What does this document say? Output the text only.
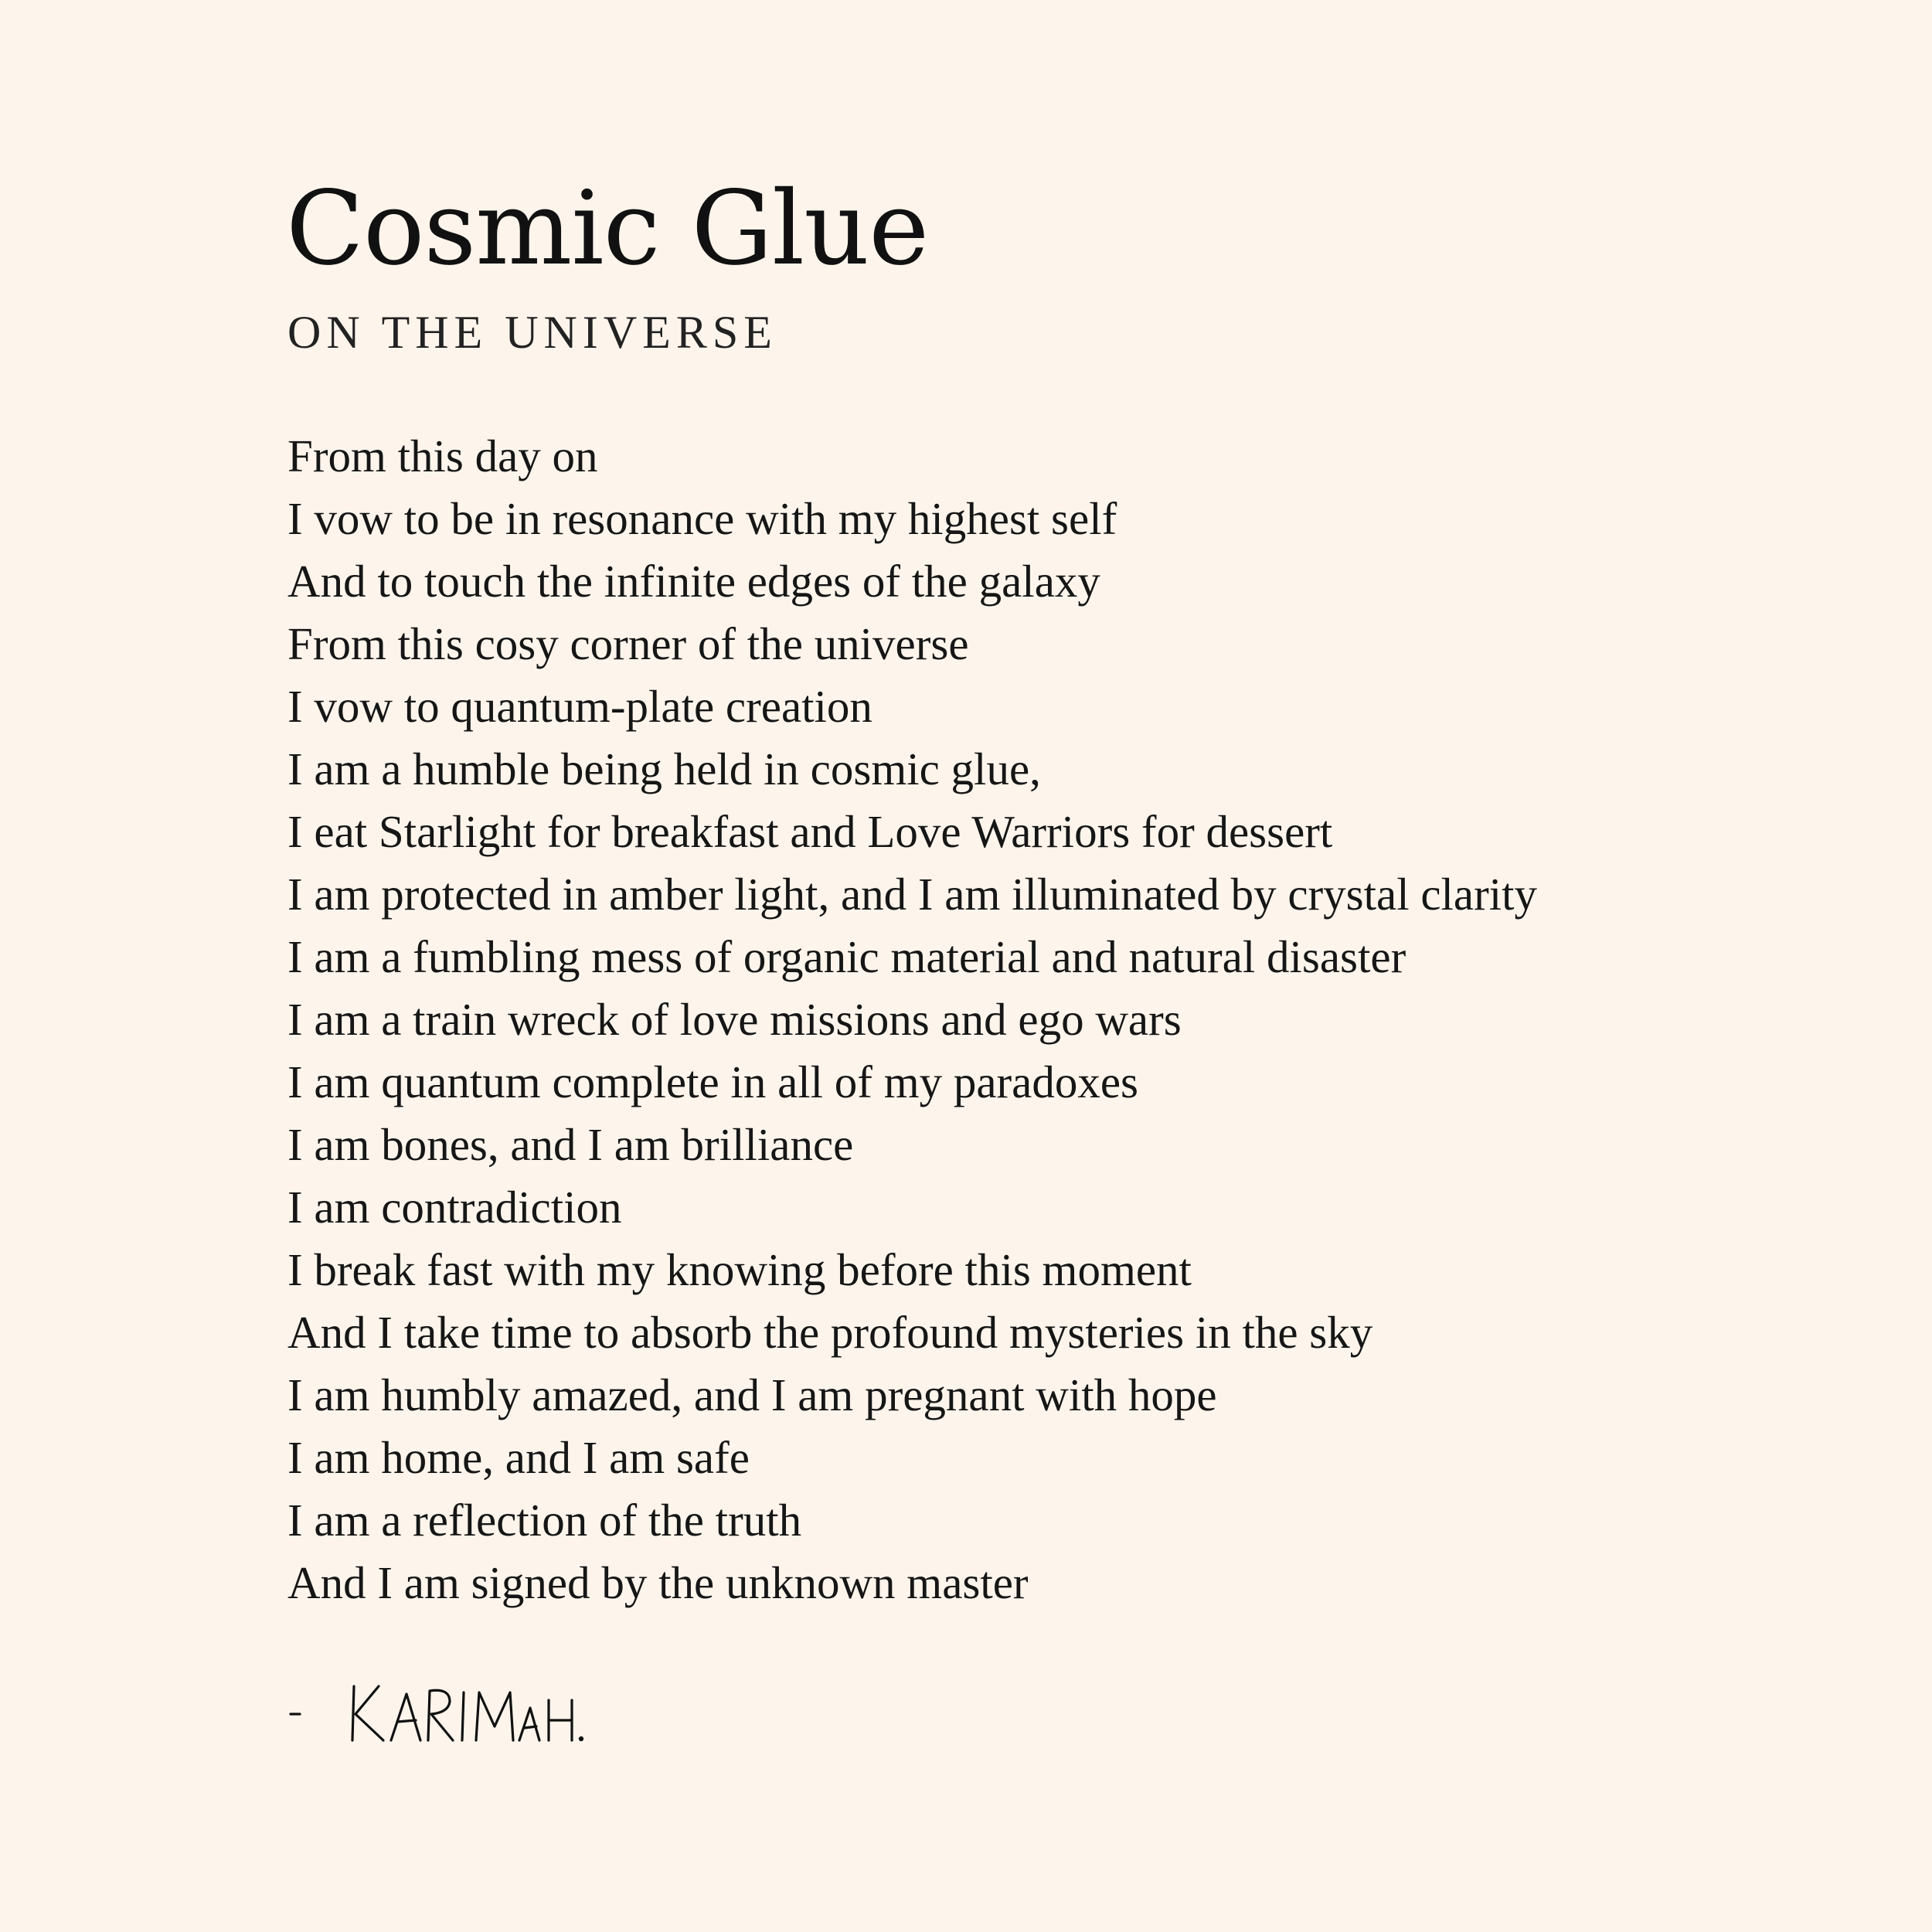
Cosmic Glue
ON THE UNIVERSE
From this day on
I vow to be in resonance with my highest self
And to touch the infinite edges of the galaxy
From this cosy corner of the universe
I vow to quantum-plate creation
I am a humble being held in cosmic glue,
I eat Starlight for breakfast and Love Warriors for dessert
I am protected in amber light, and I am illuminated by crystal clarity
I am a fumbling mess of organic material and natural disaster
I am a train wreck of love missions and ego wars
I am quantum complete in all of my paradoxes
I am bones, and I am brilliance
I am contradiction
I break fast with my knowing before this moment
And I take time to absorb the profound mysteries in the sky
I am humbly amazed, and I am pregnant with hope
I am home, and I am safe
I am a reflection of the truth
And I am signed by the unknown master
